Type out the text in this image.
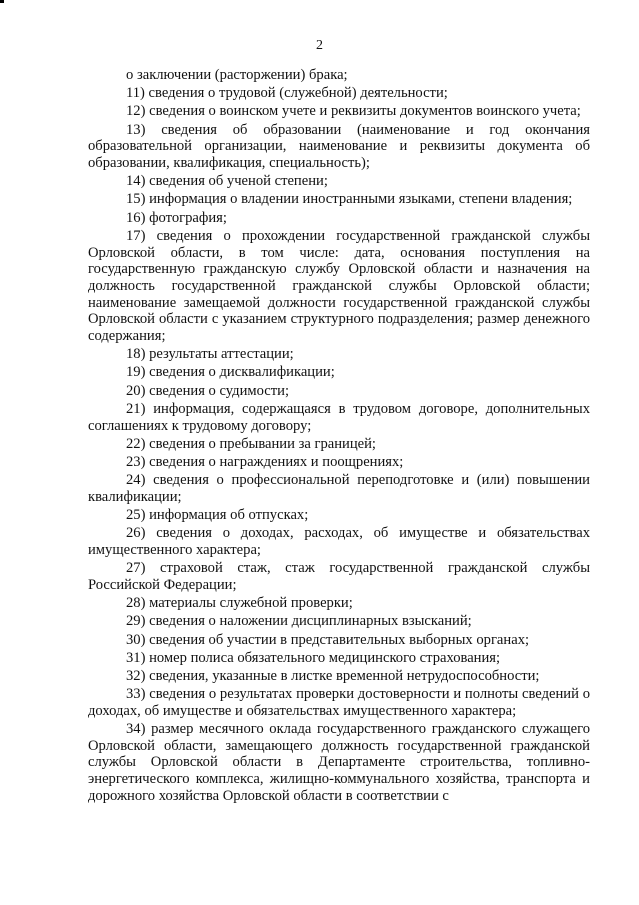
2

о заключении (расторжении) брака;

11) сведения о трудовой (служебной) деятельности;

12) сведения о воинском учете и реквизиты документов воинского учета;

13) сведения об образовании (наименование и год окончания образовательной организации, наименование и реквизиты документа об образовании, квалификация, специальность);

14) сведения об ученой степени;

15) информация о владении иностранными языками, степени владения;

16) фотография;

17) сведения о прохождении государственной гражданской службы Орловской области, в том числе: дата, основания поступления на государственную гражданскую службу Орловской области и назначения на должность государственной гражданской службы Орловской области; наименование замещаемой должности государственной гражданской службы Орловской области с указанием структурного подразделения; размер денежного содержания;

18) результаты аттестации;

19) сведения о дисквалификации;

20) сведения о судимости;

21) информация, содержащаяся в трудовом договоре, дополнительных соглашениях к трудовому договору;

22) сведения о пребывании за границей;

23) сведения о награждениях и поощрениях;

24) сведения о профессиональной переподготовке и (или) повышении квалификации;

25) информация об отпусках;

26) сведения о доходах, расходах, об имуществе и обязательствах имущественного характера;

27) страховой стаж, стаж государственной гражданской службы Российской Федерации;

28) материалы служебной проверки;

29) сведения о наложении дисциплинарных взысканий;

30) сведения об участии в представительных выборных органах;

31) номер полиса обязательного медицинского страхования;

32) сведения, указанные в листке временной нетрудоспособности;

33) сведения о результатах проверки достоверности и полноты сведений о доходах, об имуществе и обязательствах имущественного характера;

34) размер месячного оклада государственного гражданского служащего Орловской области, замещающего должность государственной гражданской службы Орловской области в Департаменте строительства, топливно-энергетического комплекса, жилищно-коммунального хозяйства, транспорта и дорожного хозяйства Орловской области в соответствии с
